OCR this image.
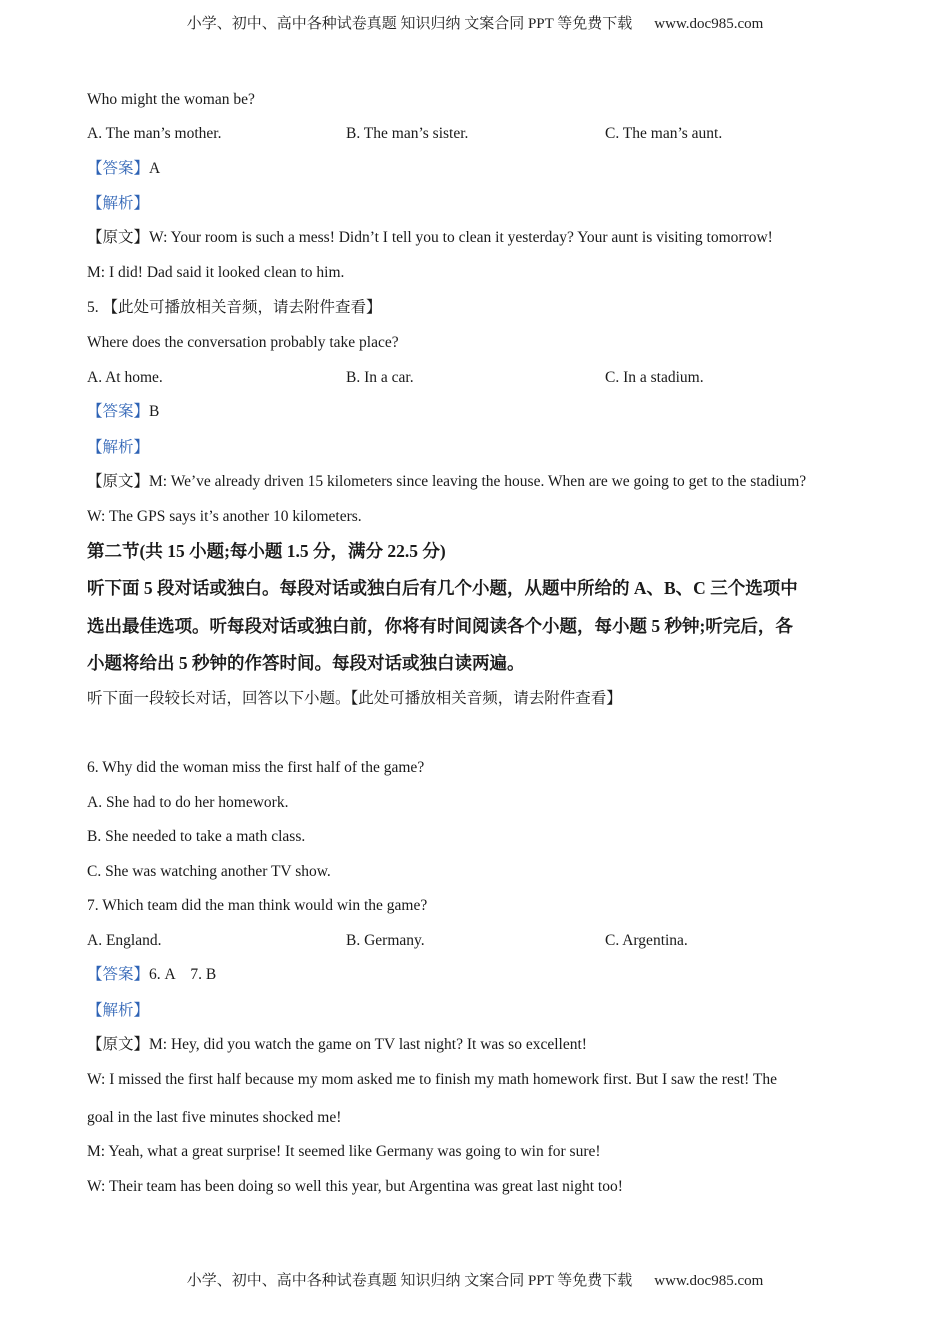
小学、初中、高中各种试卷真题 知识归纳 文案合同 PPT 等免费下载 www.doc985.com
Who might the woman be?
A. The man’s mother.	B. The man’s sister.	C. The man’s aunt.
【答案】A
【解析】
【原文】W: Your room is such a mess! Didn’t I tell you to clean it yesterday? Your aunt is visiting tomorrow!
M: I did! Dad said it looked clean to him.
5. 【此处可播放相关音频，请去附件查看】
Where does the conversation probably take place?
A. At home.	B. In a car.	C. In a stadium.
【答案】B
【解析】
【原文】M: We’ve already driven 15 kilometers since leaving the house. When are we going to get to the stadium?
W: The GPS says it’s another 10 kilometers.
第二节(共 15 小题;每小题 1.5 分，满分 22.5 分)
听下面 5 段对话或独白。每段对话或独白后有几个小题，从题中所给的 A、B、C 三个选项中
选出最佳选项。听每段对话或独白前，你将有时间阅读各个小题，每小题 5 秒钟;听完后，各
小题将给出 5 秒钟的作答时间。每段对话或独白读两遍。
听下面一段较长对话，回答以下小题。【此处可播放相关音频，请去附件查看】
6. Why did the woman miss the first half of the game?
A. She had to do her homework.
B. She needed to take a math class.
C. She was watching another TV show.
7. Which team did the man think would win the game?
A. England.	B. Germany.	C. Argentina.
【答案】6. A    7. B
【解析】
【原文】M: Hey, did you watch the game on TV last night? It was so excellent!
W: I missed the first half because my mom asked me to finish my math homework first. But I saw the rest! The
goal in the last five minutes shocked me!
M: Yeah, what a great surprise! It seemed like Germany was going to win for sure!
W: Their team has been doing so well this year, but Argentina was great last night too!
小学、初中、高中各种试卷真题 知识归纳 文案合同 PPT 等免费下载 www.doc985.com
